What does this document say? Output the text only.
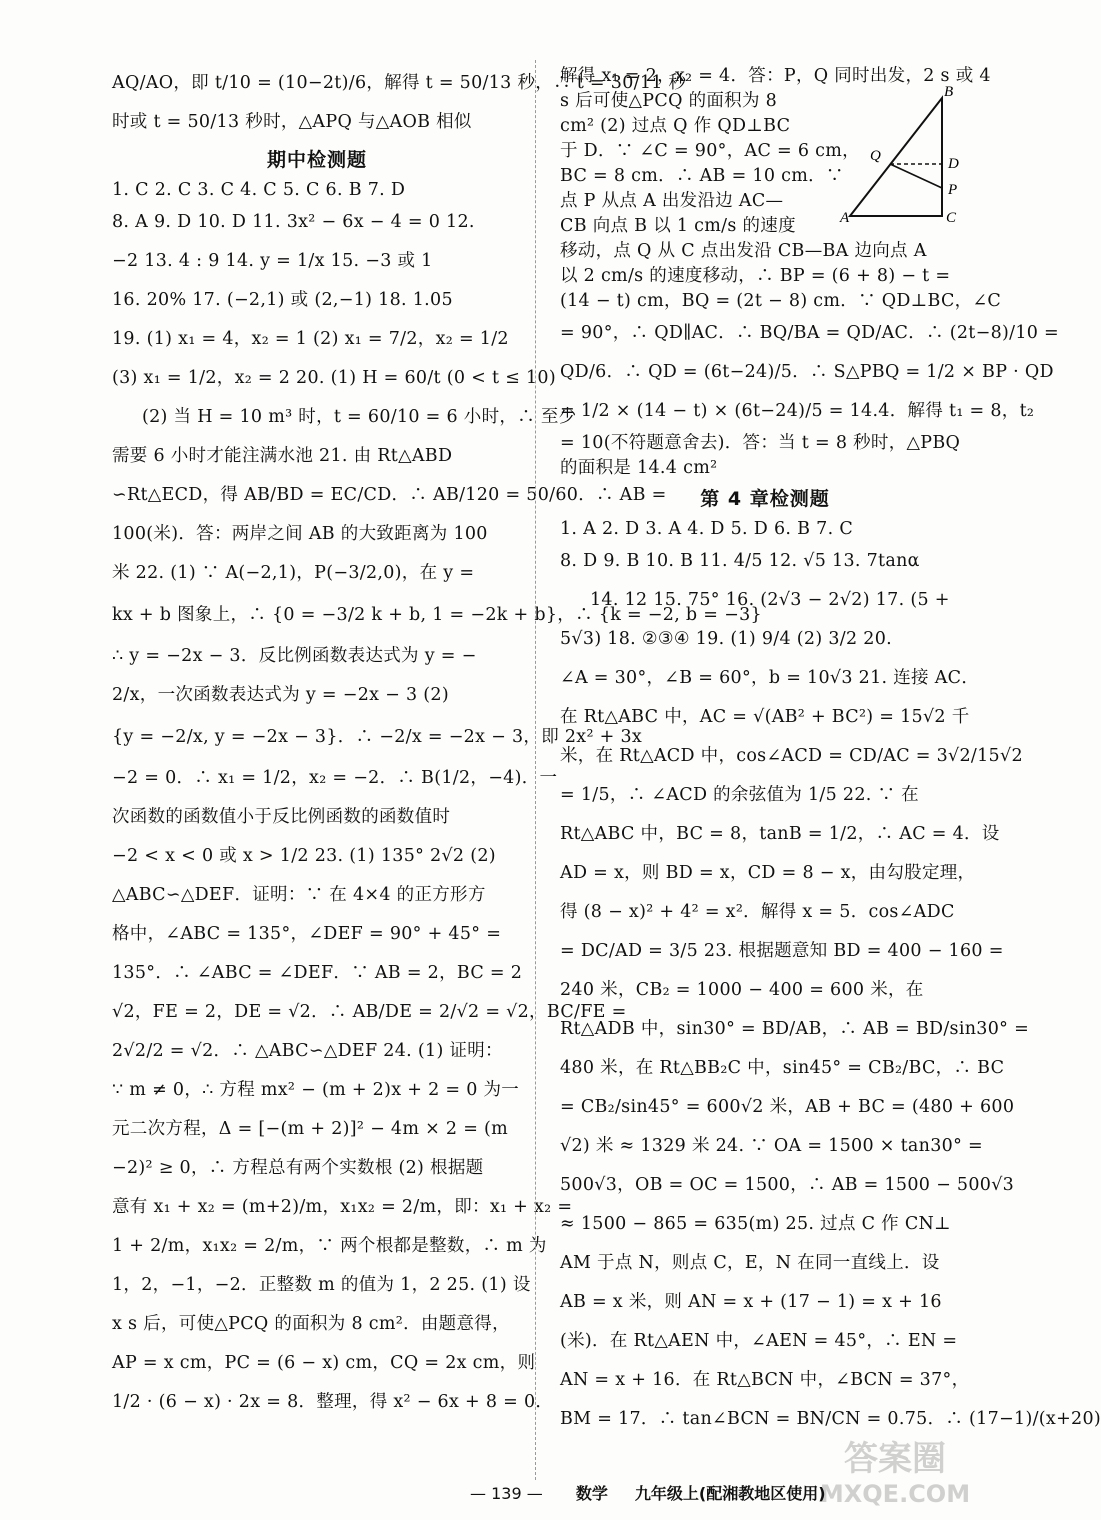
AQ/AO，即 t/10 = (10−2t)/6，解得 t = 50/13 秒，∴ t = 30/11 秒
时或 t = 50/13 秒时，△APQ 与△AOB 相似
期中检测题
1. C 2. C 3. C 4. C 5. C 6. B 7. D
8. A 9. D 10. D 11. 3x² − 6x − 4 = 0 12.
−2 13. 4 : 9 14. y = 1/x 15. −3 或 1
16. 20% 17. (−2,1) 或 (2,−1) 18. 1.05
19. (1) x₁ = 4，x₂ = 1 (2) x₁ = 7/2，x₂ = 1/2
(3) x₁ = 1/2，x₂ = 2 20. (1) H = 60/t (0 < t ≤ 10)
(2) 当 H = 10 m³ 时，t = 60/10 = 6 小时，∴ 至少
需要 6 小时才能注满水池 21. 由 Rt△ABD
∽Rt△ECD，得 AB/BD = EC/CD．∴ AB/120 = 50/60．∴ AB =
100(米)．答：两岸之间 AB 的大致距离为 100
米 22. (1) ∵ A(−2,1)，P(−3/2,0)，在 y =
kx + b 图象上，∴ {0 = −3/2 k + b, 1 = −2k + b}，∴ {k = −2, b = −3}
∴ y = −2x − 3．反比例函数表达式为 y = −
2/x，一次函数表达式为 y = −2x − 3 (2)
{y = −2/x, y = −2x − 3}．∴ −2/x = −2x − 3，即 2x² + 3x
−2 = 0．∴ x₁ = 1/2，x₂ = −2．∴ B(1/2，−4)．一
次函数的函数值小于反比例函数的函数值时
−2 < x < 0 或 x > 1/2 23. (1) 135° 2√2 (2)
△ABC∽△DEF．证明：∵ 在 4×4 的正方形方
格中，∠ABC = 135°，∠DEF = 90° + 45° =
135°．∴ ∠ABC = ∠DEF．∵ AB = 2，BC = 2
√2，FE = 2，DE = √2．∴ AB/DE = 2/√2 = √2，BC/FE =
2√2/2 = √2．∴ △ABC∽△DEF 24. (1) 证明：
∵ m ≠ 0，∴ 方程 mx² − (m + 2)x + 2 = 0 为一
元二次方程，Δ = [−(m + 2)]² − 4m × 2 = (m
−2)² ≥ 0，∴ 方程总有两个实数根 (2) 根据题
意有 x₁ + x₂ = (m+2)/m，x₁x₂ = 2/m，即：x₁ + x₂ =
1 + 2/m，x₁x₂ = 2/m，∵ 两个根都是整数，∴ m 为
1，2，−1，−2．正整数 m 的值为 1，2 25. (1) 设
x s 后，可使△PCQ 的面积为 8 cm²．由题意得，
AP = x cm，PC = (6 − x) cm，CQ = 2x cm，则
1/2 · (6 − x) · 2x = 8．整理，得 x² − 6x + 8 = 0．
解得 x₁ = 2，x₂ = 4．答：P，Q 同时出发，2 s 或 4
s 后可使△PCQ 的面积为 8
cm² (2) 过点 Q 作 QD⊥BC
于 D．∵ ∠C = 90°，AC = 6 cm，
BC = 8 cm．∴ AB = 10 cm．∵
点 P 从点 A 出发沿边 AC—
CB 向点 B 以 1 cm/s 的速度
移动，点 Q 从 C 点出发沿 CB—BA 边向点 A
以 2 cm/s 的速度移动，∴ BP = (6 + 8) − t =
(14 − t) cm，BQ = (2t − 8) cm．∵ QD⊥BC，∠C
= 90°，∴ QD∥AC．∴ BQ/BA = QD/AC．∴ (2t−8)/10 =
QD/6．∴ QD = (6t−24)/5．∴ S△PBQ = 1/2 × BP · QD
= 1/2 × (14 − t) × (6t−24)/5 = 14.4．解得 t₁ = 8，t₂
= 10(不符题意舍去)．答：当 t = 8 秒时，△PBQ
的面积是 14.4 cm²
第 4 章检测题
1. A 2. D 3. A 4. D 5. D 6. B 7. C
8. D 9. B 10. B 11. 4/5 12. √5 13. 7tanα
14. 12 15. 75° 16. (2√3 − 2√2) 17. (5 +
5√3) 18. ②③④ 19. (1) 9/4 (2) 3/2 20.
∠A = 30°，∠B = 60°，b = 10√3 21. 连接 AC．
在 Rt△ABC 中，AC = √(AB² + BC²) = 15√2 千
米，在 Rt△ACD 中，cos∠ACD = CD/AC = 3√2/15√2
= 1/5，∴ ∠ACD 的余弦值为 1/5 22. ∵ 在
Rt△ABC 中，BC = 8，tanB = 1/2，∴ AC = 4．设
AD = x，则 BD = x，CD = 8 − x，由勾股定理，
得 (8 − x)² + 4² = x²．解得 x = 5．cos∠ADC
= DC/AD = 3/5 23. 根据题意知 BD = 400 − 160 =
240 米，CB₂ = 1000 − 400 = 600 米，在
Rt△ADB 中，sin30° = BD/AB，∴ AB = BD/sin30° =
480 米，在 Rt△BB₂C 中，sin45° = CB₂/BC，∴ BC
= CB₂/sin45° = 600√2 米，AB + BC = (480 + 600
√2) 米 ≈ 1329 米 24. ∵ OA = 1500 × tan30° =
500√3，OB = OC = 1500，∴ AB = 1500 − 500√3
≈ 1500 − 865 = 635(m) 25. 过点 C 作 CN⊥
AM 于点 N，则点 C，E，N 在同一直线上．设
AB = x 米，则 AN = x + (17 − 1) = x + 16
(米)．在 Rt△AEN 中，∠AEN = 45°，∴ EN =
AN = x + 16．在 Rt△BCN 中，∠BCN = 37°，
BM = 17．∴ tan∠BCN = BN/CN = 0.75．∴ (17−1)/(x+20)
B
Q	D
P
A	C
答案圈
MXQE.COM
— 139 — 数学 九年级上(配湘教地区使用)
